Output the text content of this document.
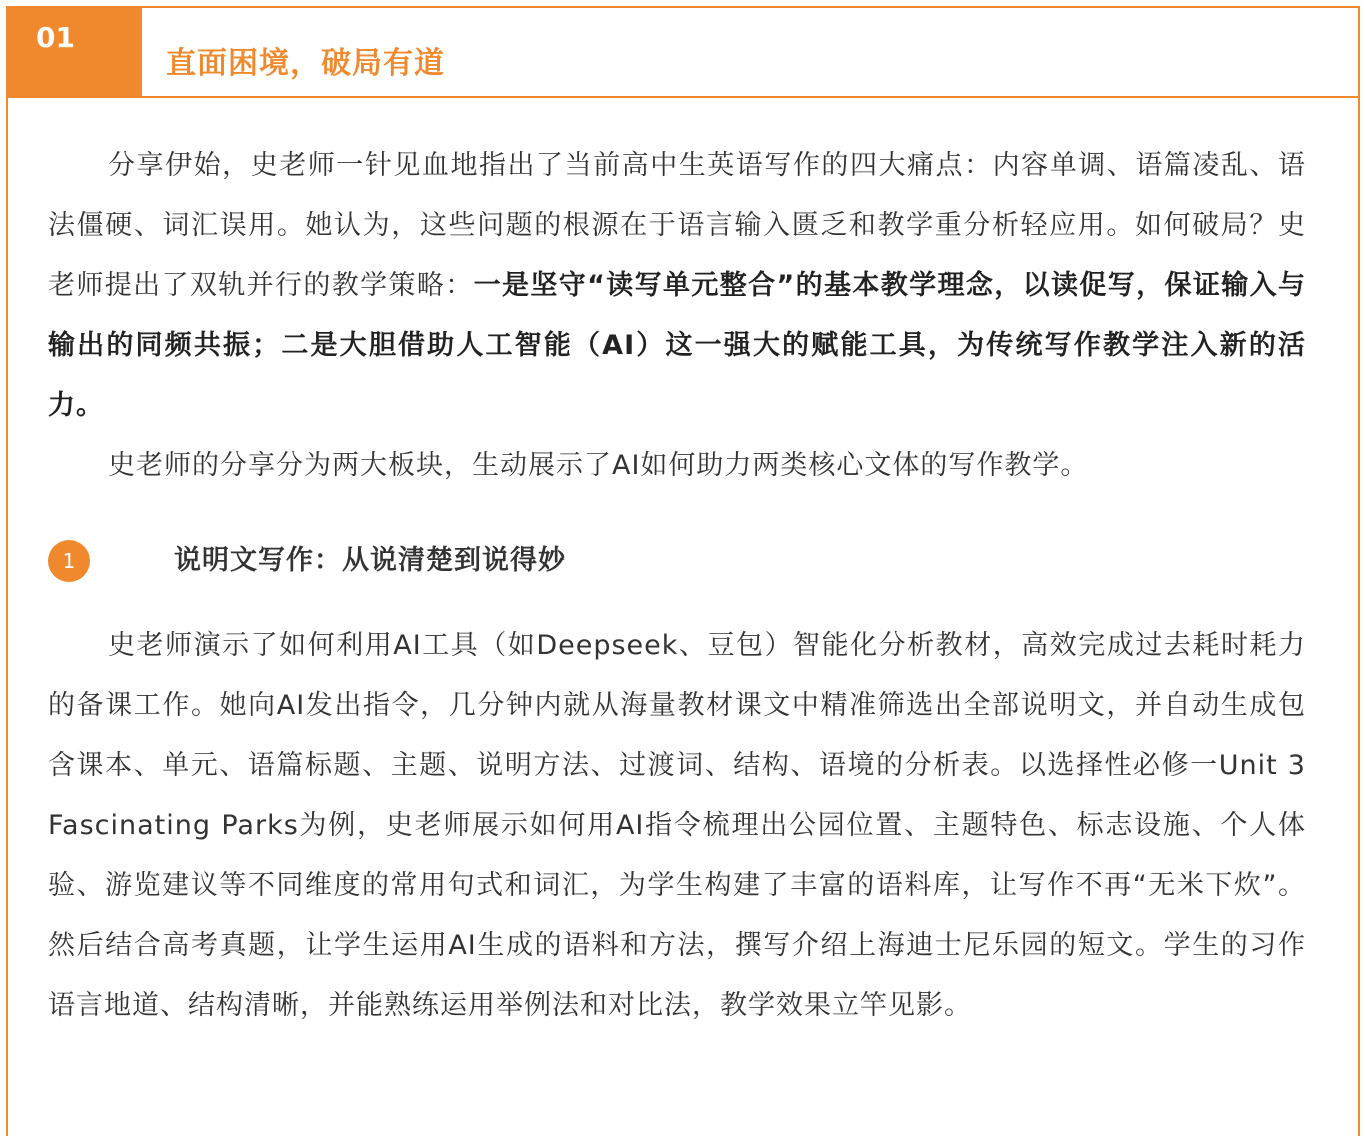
01
直面困境，破局有道

分享伊始，史老师一针见血地指出了当前高中生英语写作的四大痛点：内容单调、语篇凌乱、语法僵硬、词汇误用。她认为，这些问题的根源在于语言输入匮乏和教学重分析轻应用。如何破局？史老师提出了双轨并行的教学策略：一是坚守“读写单元整合”的基本教学理念，以读促写，保证输入与输出的同频共振；二是大胆借助人工智能（AI）这一强大的赋能工具，为传统写作教学注入新的活力。

史老师的分享分为两大板块，生动展示了AI如何助力两类核心文体的写作教学。

1	说明文写作：从说清楚到说得妙

史老师演示了如何利用AI工具（如Deepseek、豆包）智能化分析教材，高效完成过去耗时耗力的备课工作。她向AI发出指令，几分钟内就从海量教材课文中精准筛选出全部说明文，并自动生成包含课本、单元、语篇标题、主题、说明方法、过渡词、结构、语境的分析表。以选择性必修一Unit 3 Fascinating Parks为例，史老师展示如何用AI指令梳理出公园位置、主题特色、标志设施、个人体验、游览建议等不同维度的常用句式和词汇，为学生构建了丰富的语料库，让写作不再“无米下炊”。然后结合高考真题，让学生运用AI生成的语料和方法，撰写介绍上海迪士尼乐园的短文。学生的习作语言地道、结构清晰，并能熟练运用举例法和对比法，教学效果立竿见影。
